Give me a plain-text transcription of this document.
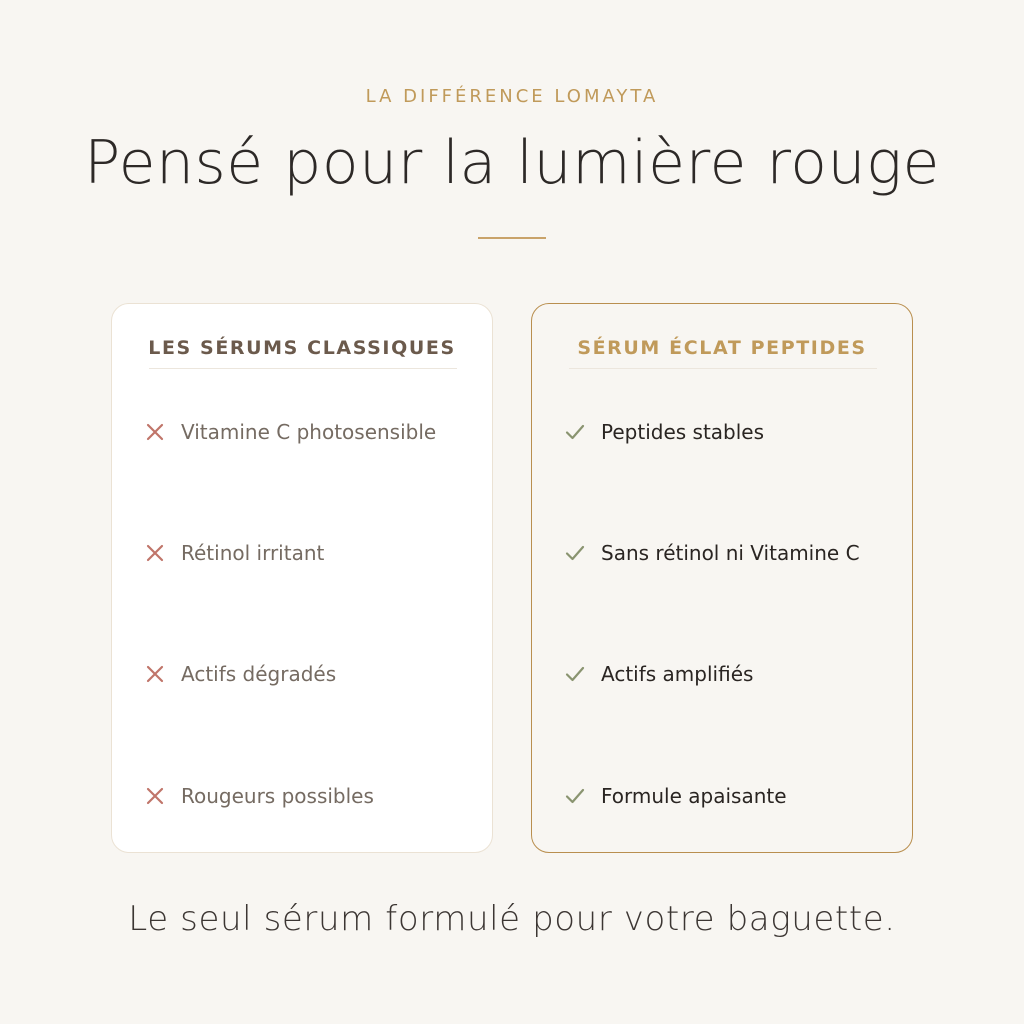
LA DIFFÉRENCE LOMAYTA

Pensé pour la lumière rouge
LES SÉRUMS CLASSIQUES
Vitamine C photosensible
Rétinol irritant
Actifs dégradés
Rougeurs possibles
SÉRUM ÉCLAT PEPTIDES
Peptides stables
Sans rétinol ni Vitamine C
Actifs amplifiés
Formule apaisante

Le seul sérum formulé pour votre baguette.
